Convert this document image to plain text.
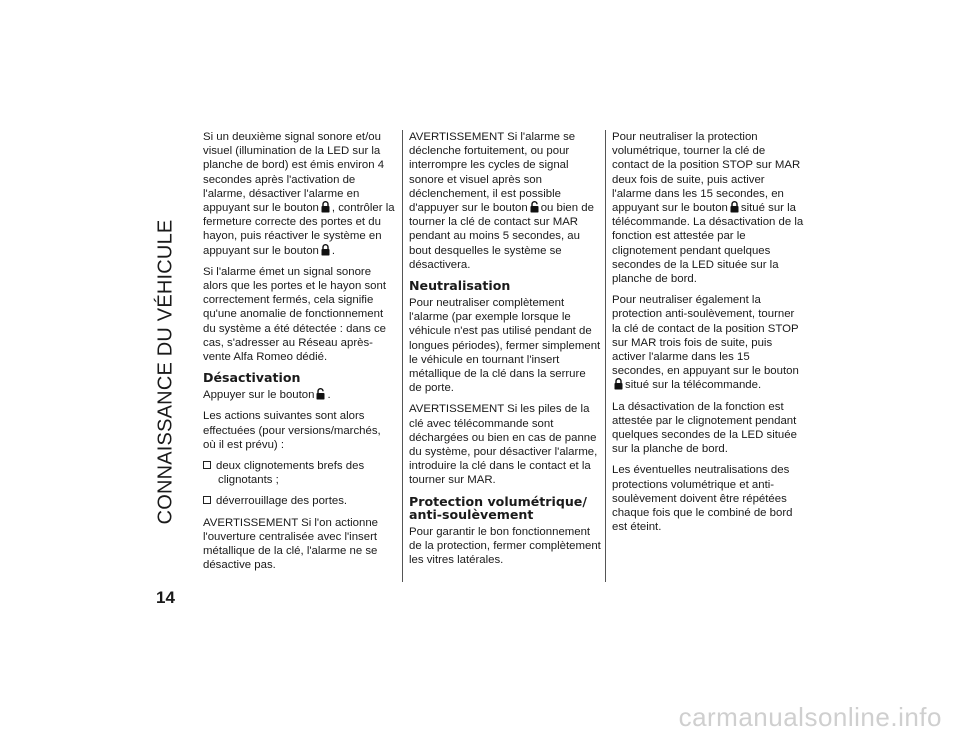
CONNAISSANCE DU VÉHICULE
14

Si un deuxième signal sonore et/ou visuel (illumination de la LED sur la planche de bord) est émis environ 4 secondes après l'activation de l'alarme, désactiver l'alarme en appuyant sur le bouton , contrôler la fermeture correcte des portes et du hayon, puis réactiver le système en appuyant sur le bouton .

Si l'alarme émet un signal sonore alors que les portes et le hayon sont correctement fermés, cela signifie qu'une anomalie de fonctionnement du système a été détectée : dans ce cas, s'adresser au Réseau après-vente Alfa Romeo dédié.

Désactivation

Appuyer sur le bouton .

Les actions suivantes sont alors effectuées (pour versions/marchés, où il est prévu) :

deux clignotements brefs des clignotants ;

déverrouillage des portes.

AVERTISSEMENT Si l'on actionne l'ouverture centralisée avec l'insert métallique de la clé, l'alarme ne se désactive pas.

AVERTISSEMENT Si l'alarme se déclenche fortuitement, ou pour interrompre les cycles de signal sonore et visuel après son déclenchement, il est possible d'appuyer sur le bouton ou bien de tourner la clé de contact sur MAR pendant au moins 5 secondes, au bout desquelles le système se désactivera.

Neutralisation

Pour neutraliser complètement l'alarme (par exemple lorsque le véhicule n'est pas utilisé pendant de longues périodes), fermer simplement le véhicule en tournant l'insert métallique de la clé dans la serrure de porte.

AVERTISSEMENT Si les piles de la clé avec télécommande sont déchargées ou bien en cas de panne du système, pour désactiver l'alarme, introduire la clé dans le contact et la tourner sur MAR.

Protection volumétrique/ anti-soulèvement

Pour garantir le bon fonctionnement de la protection, fermer complètement les vitres latérales.

Pour neutraliser la protection volumétrique, tourner la clé de contact de la position STOP sur MAR deux fois de suite, puis activer l'alarme dans les 15 secondes, en appuyant sur le bouton situé sur la télécommande. La désactivation de la fonction est attestée par le clignotement pendant quelques secondes de la LED située sur la planche de bord.

Pour neutraliser également la protection anti-soulèvement, tourner la clé de contact de la position STOP sur MAR trois fois de suite, puis activer l'alarme dans les 15 secondes, en appuyant sur le boutonsitué sur la télécommande.

La désactivation de la fonction est attestée par le clignotement pendant quelques secondes de la LED située sur la planche de bord.

Les éventuelles neutralisations des protections volumétrique et anti-soulèvement doivent être répétées chaque fois que le combiné de bord est éteint.

carmanualsonline.info
